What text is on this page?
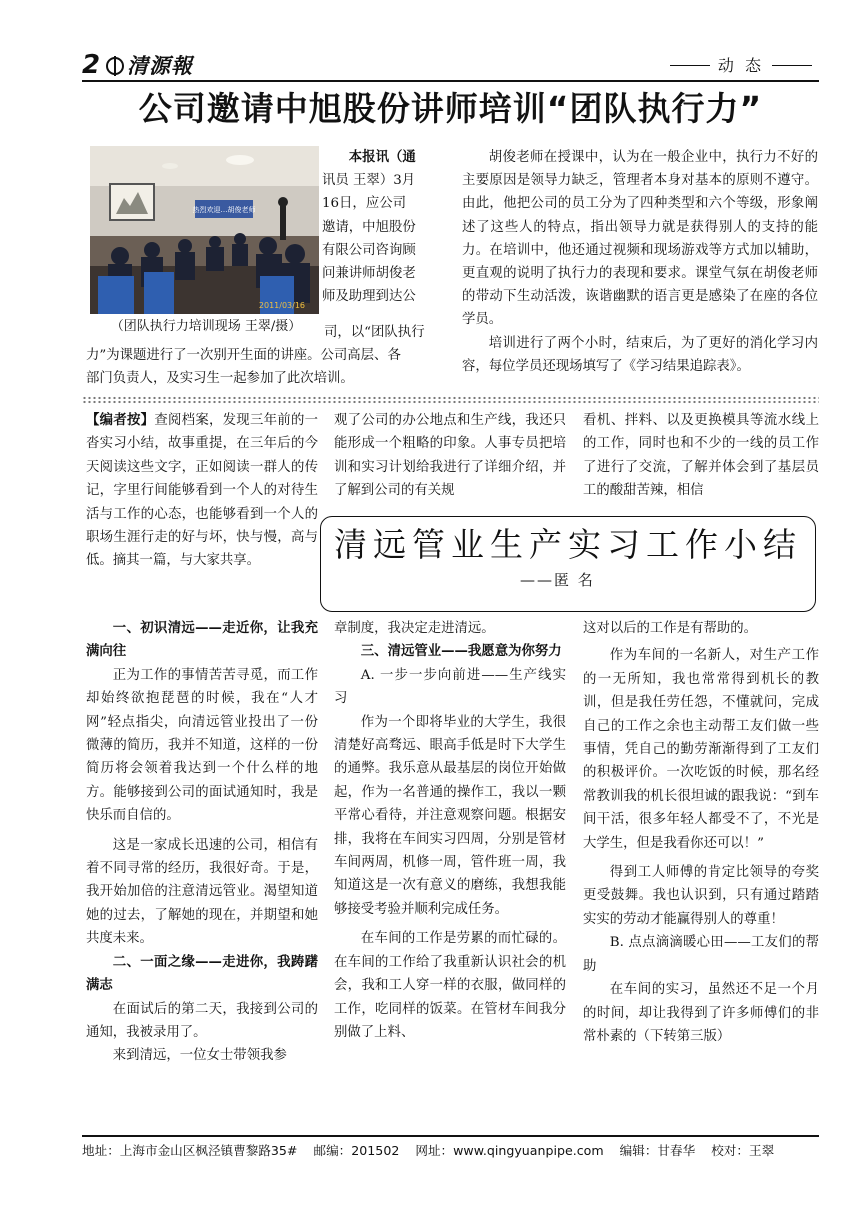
2	清源報	动 态
公司邀请中旭股份讲师培训“团队执行力”
热烈欢迎…胡俊老师
2011/03/16
（团队执行力培训现场 王翠/摄）
本报讯（通
讯员 王翠）3月
16日，应公司
邀请，中旭股份
有限公司咨询顾
问兼讲师胡俊老
师及助理到达公
司，以“团队执行
力”为课题进行了一次别开生面的讲座。公司高层、各
部门负责人，及实习生一起参加了此次培训。

胡俊老师在授课中，认为在一般企业中，执行力不好的主要原因是领导力缺乏，管理者本身对基本的原则不遵守。由此，他把公司的员工分为了四种类型和六个等级，形象阐述了这些人的特点，指出领导力就是获得别人的支持的能力。在培训中，他还通过视频和现场游戏等方式加以辅助，更直观的说明了执行力的表现和要求。课堂气氛在胡俊老师的带动下生动活泼，诙谐幽默的语言更是感染了在座的各位学员。

培训进行了两个小时，结束后，为了更好的消化学习内容，每位学员还现场填写了《学习结果追踪表》。

【编者按】查阅档案，发现三年前的一沓实习小结，故事重提，在三年后的今天阅读这些文字，正如阅读一群人的传记，字里行间能够看到一个人的对待生活与工作的心态，也能够看到一个人的职场生涯行走的好与坏，快与慢，高与低。摘其一篇，与大家共享。
观了公司的办公地点和生产线，我还只能形成一个粗略的印象。人事专员把培训和实习计划给我进行了详细介绍，并了解到公司的有关规
看机、拌料、以及更换模具等流水线上的工作，同时也和不少的一线的员工作了进行了交流，了解并体会到了基层员工的酸甜苦辣，相信
清远管业生产实习工作小结
——匿 名
一、初识清远——走近你，让我充满向往
正为工作的事情苦苦寻觅，而工作却始终欲抱琵琶的时候，我在“人才网”轻点指尖，向清远管业投出了一份微薄的简历，我并不知道，这样的一份简历将会领着我达到一个什么样的地方。能够接到公司的面试通知时，我是快乐而自信的。
这是一家成长迅速的公司，相信有着不同寻常的经历，我很好奇。于是，我开始加倍的注意清远管业。渴望知道她的过去，了解她的现在，并期望和她共度未来。
二、一面之缘——走进你，我踌躇满志
在面试后的第二天，我接到公司的通知，我被录用了。
来到清远，一位女士带领我参
章制度，我决定走进清远。
三、清远管业——我愿意为你努力
A. 一步一步向前进——生产线实习
作为一个即将毕业的大学生，我很清楚好高骛远、眼高手低是时下大学生的通弊。我乐意从最基层的岗位开始做起，作为一名普通的操作工，我以一颗平常心看待，并注意观察问题。根据安排，我将在车间实习四周，分别是管材车间两周，机修一周，管件班一周，我知道这是一次有意义的磨练，我想我能够接受考验并顺利完成任务。
在车间的工作是劳累的而忙碌的。在车间的工作给了我重新认识社会的机会，我和工人穿一样的衣服，做同样的工作，吃同样的饭菜。在管材车间我分别做了上料、
这对以后的工作是有帮助的。
作为车间的一名新人，对生产工作的一无所知，我也常常得到机长的教训，但是我任劳任怨，不懂就问，完成自己的工作之余也主动帮工友们做一些事情，凭自己的勤劳渐渐得到了工友们的积极评价。一次吃饭的时候，那名经常教训我的机长很坦诚的跟我说：“到车间干活，很多年轻人都受不了，不光是大学生，但是我看你还可以！”
得到工人师傅的肯定比领导的夸奖更受鼓舞。我也认识到，只有通过踏踏实实的劳动才能赢得别人的尊重！
B. 点点滴滴暖心田——工友们的帮助
在车间的实习，虽然还不足一个月的时间，却让我得到了许多师傅们的非常朴素的（下转第三版）
地址：上海市金山区枫泾镇曹黎路35# 邮编：201502 网址：www.qingyuanpipe.com 编辑：甘春华 校对：王翠
